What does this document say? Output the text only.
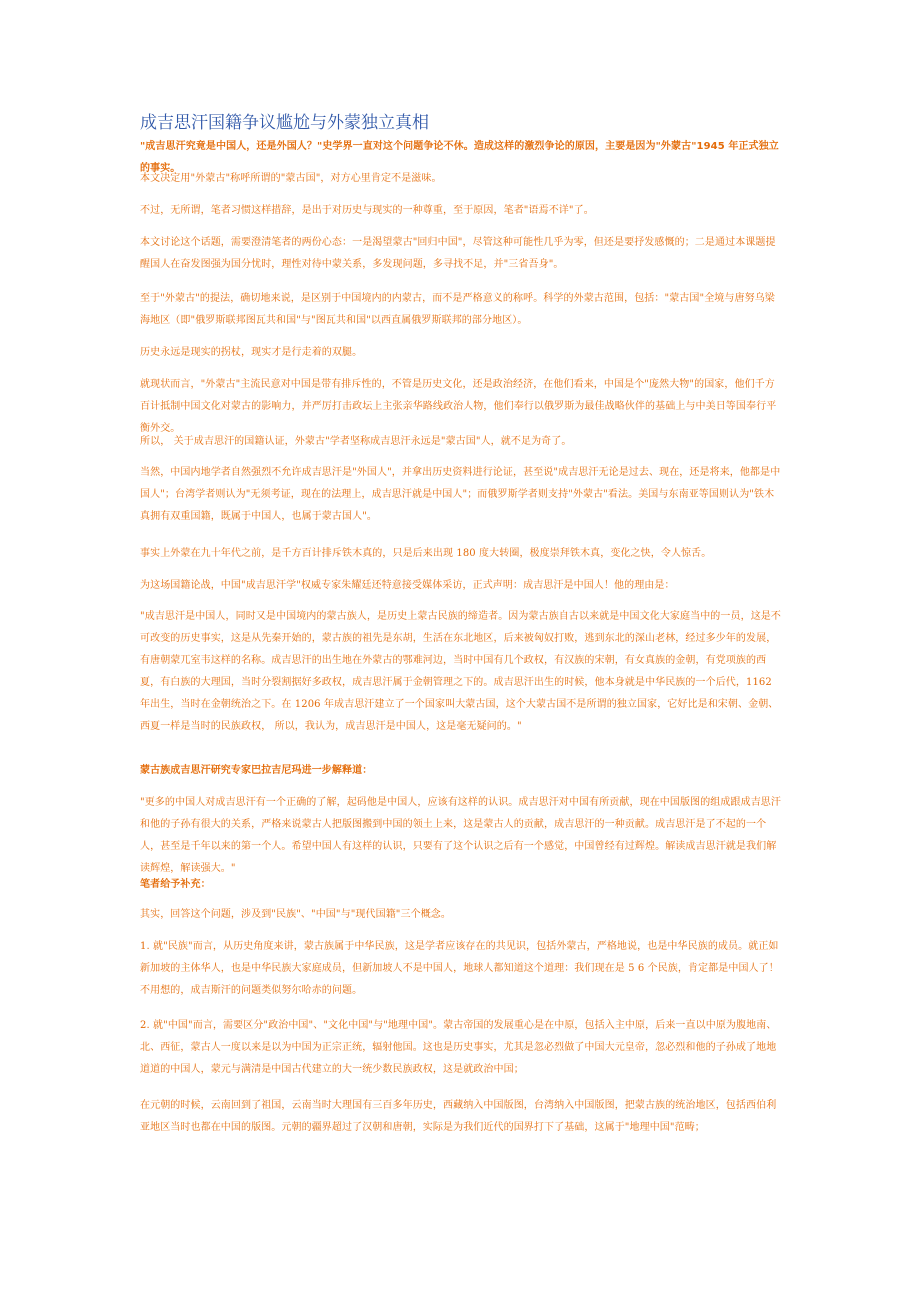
成吉思汗国籍争议尴尬与外蒙独立真相
"成吉思汗究竟是中国人，还是外国人？"史学界一直对这个问题争论不休。造成这样的激烈争论的原因，主要是因为"外蒙古"1945 年正式独立的事实。
本文决定用"外蒙古"称呼所谓的"蒙古国"，对方心里肯定不是滋味。
不过，无所谓，笔者习惯这样措辞，是出于对历史与现实的一种尊重，至于原因，笔者"语焉不详"了。
本文讨论这个话题，需要澄清笔者的两份心态：一是渴望蒙古"回归中国"，尽管这种可能性几乎为零，但还是要抒发感慨的；二是通过本课题提醒国人在奋发图强为国分忧时，理性对待中蒙关系，多发现问题，多寻找不足，并"三省吾身"。
至于"外蒙古"的提法，确切地来说，是区别于中国境内的内蒙古，而不是严格意义的称呼。科学的外蒙古范围，包括："蒙古国"全境与唐努乌梁海地区（即"俄罗斯联邦图瓦共和国"与"图瓦共和国"以西直属俄罗斯联邦的部分地区）。
历史永远是现实的拐杖，现实才是行走着的双腿。
就现状而言，"外蒙古"主流民意对中国是带有排斥性的，不管是历史文化，还是政治经济，在他们看来，中国是个"庞然大物"的国家，他们千方百计抵制中国文化对蒙古的影响力，并严厉打击政坛上主张亲华路线政治人物，他们奉行以俄罗斯为最佳战略伙伴的基础上与中美日等国奉行平衡外交。
所以， 关于成吉思汗的国籍认证，外蒙古"学者坚称成吉思汗永远是"蒙古国"人，就不足为奇了。
当然，中国内地学者自然强烈不允许成吉思汗是"外国人"，并拿出历史资料进行论证，甚至说"成吉思汗无论是过去、现在，还是将来，他都是中国人"；台湾学者则认为"无须考证，现在的法理上，成吉思汗就是中国人"；而俄罗斯学者则支持"外蒙古"看法。美国与东南亚等国则认为"铁木真拥有双重国籍，既属于中国人，也属于蒙古国人"。
事实上外蒙在九十年代之前，是千方百计排斥铁木真的，只是后来出现 180 度大转圈，极度崇拜铁木真，变化之快，令人惊舌。
为这场国籍论战，中国"成吉思汗学"权威专家朱耀廷还特意接受媒体采访，正式声明：成吉思汗是中国人！他的理由是：
"成吉思汗是中国人，同时又是中国境内的蒙古族人，是历史上蒙古民族的缔造者。因为蒙古族自古以来就是中国文化大家庭当中的一员，这是不可改变的历史事实，这是从先秦开始的，蒙古族的祖先是东胡，生活在东北地区，后来被匈奴打败，逃到东北的深山老林，经过多少年的发展，有唐朝蒙兀室韦这样的名称。成吉思汗的出生地在外蒙古的鄂难河边，当时中国有几个政权，有汉族的宋朝，有女真族的金朝，有党项族的西夏，有白族的大理国，当时分裂割据好多政权，成吉思汗属于金朝管理之下的。成吉思汗出生的时候，他本身就是中华民族的一个后代，1162 年出生，当时在金朝统治之下。在 1206 年成吉思汗建立了一个国家叫大蒙古国，这个大蒙古国不是所谓的独立国家，它好比是和宋朝、金朝、西夏一样是当时的民族政权， 所以，我认为，成吉思汗是中国人，这是毫无疑问的。"
蒙古族成吉思汗研究专家巴拉吉尼玛进一步解释道：
"更多的中国人对成吉思汗有一个正确的了解，起码他是中国人，应该有这样的认识。成吉思汗对中国有所贡献，现在中国版图的组成跟成吉思汗和他的子孙有很大的关系，严格来说蒙古人把版图搬到中国的领土上来，这是蒙古人的贡献，成吉思汗的一种贡献。成吉思汗是了不起的一个人，甚至是千年以来的第一个人。希望中国人有这样的认识，只要有了这个认识之后有一个感觉，中国曾经有过辉煌。解读成吉思汗就是我们解读辉煌，解读强大。"
笔者给予补充：
其实，回答这个问题，涉及到"民族"、"中国"与"现代国籍"三个概念。
1. 就"民族"而言，从历史角度来讲，蒙古族属于中华民族，这是学者应该存在的共见识，包括外蒙古，严格地说，也是中华民族的成员。就正如新加坡的主体华人，也是中华民族大家庭成员，但新加坡人不是中国人，地球人都知道这个道理：我们现在是 5 6 个民族，肯定都是中国人了！不用想的，成吉斯汗的问题类似努尔哈赤的问题。
2. 就"中国"而言，需要区分"政治中国"、"文化中国"与"地理中国"。蒙古帝国的发展重心是在中原，包括入主中原，后来一直以中原为腹地南、北、西征，蒙古人一度以来是以为中国为正宗正统，辐射他国。这也是历史事实，尤其是忽必烈做了中国大元皇帝，忽必烈和他的子孙成了地地道道的中国人，蒙元与满清是中国古代建立的大一统少数民族政权，这是就政治中国；
在元朝的时候，云南回到了祖国，云南当时大理国有三百多年历史，西藏纳入中国版图，台湾纳入中国版图，把蒙古族的统治地区，包括西伯利亚地区当时也都在中国的版图。元朝的疆界超过了汉朝和唐朝，实际是为我们近代的国界打下了基础，这属于"地理中国"范畴；
